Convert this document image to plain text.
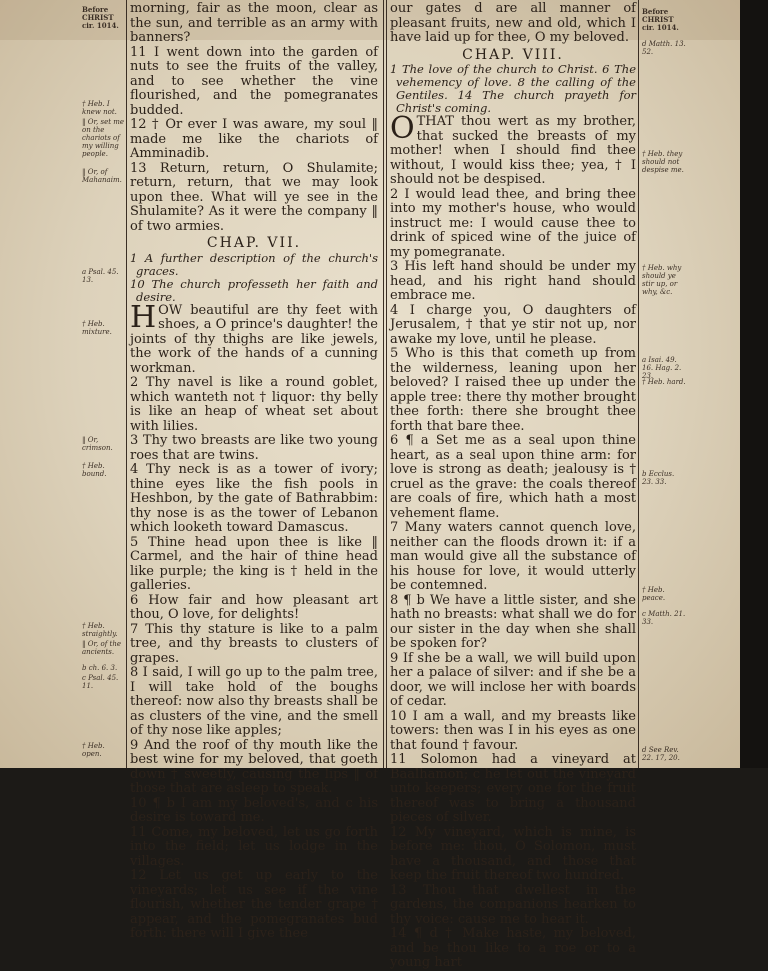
Before CHRIST cir. 1014.
† Heb. I knew not.
‖ Or, set me on the chariots of my willing people.
‖ Or, of Mahanaim.
a Psal. 45. 13.
† Heb. mixture.
‖ Or, crimson.
† Heb. bound.
† Heb. straightly.
‖ Or, of the ancients.
b ch. 6. 3.
c Psal. 45. 11.
† Heb. open.
Before CHRIST cir. 1014.
d Matth. 13. 52.
† Heb. they should not despise me.
† Heb. why should ye stir up, or why, &c.
a Isai. 49. 16. Hag. 2. 23.
† Heb. hard.
b Ecclus. 23. 33.
† Heb. peace.
c Matth. 21. 33.
d See Rev. 22. 17, 20.

morning, fair as the moon, clear as the sun, and terrible as an army with banners?

11 I went down into the garden of nuts to see the fruits of the valley, and to see whether the vine flourished, and the pomegranates budded.

12 † Or ever I was aware, my soul ‖ made me like the chariots of Amminadib.

13 Return, return, O Shulamite; return, return, that we may look upon thee. What will ye see in the Shulamite? As it were the company ‖ of two armies.

CHAP. VII.

1 A further description of the church's graces.

10 The church professeth her faith and desire.

HOW beautiful are thy feet with shoes, a O prince's daughter! the joints of thy thighs are like jewels, the work of the hands of a cunning workman.

2 Thy navel is like a round goblet, which wanteth not † liquor: thy belly is like an heap of wheat set about with lilies.

3 Thy two breasts are like two young roes that are twins.

4 Thy neck is as a tower of ivory; thine eyes like the fish pools in Heshbon, by the gate of Bathrabbim: thy nose is as the tower of Lebanon which looketh toward Damascus.

5 Thine head upon thee is like ‖ Carmel, and the hair of thine head like purple; the king is † held in the galleries.

6 How fair and how pleasant art thou, O love, for delights!

7 This thy stature is like to a palm tree, and thy breasts to clusters of grapes.

8 I said, I will go up to the palm tree, I will take hold of the boughs thereof: now also thy breasts shall be as clusters of the vine, and the smell of thy nose like apples;

9 And the roof of thy mouth like the best wine for my beloved, that goeth down † sweetly, causing the lips ‖ of those that are asleep to speak.

10 ¶ b I am my beloved's, and c his desire is toward me.

11 Come, my beloved, let us go forth into the field; let us lodge in the villages.

12 Let us get up early to the vineyards; let us see if the vine flourish, whether the tender grape † appear, and the pomegranates bud forth: there will I give thee

our gates d are all manner of pleasant fruits, new and old, which I have laid up for thee, O my beloved.

CHAP. VIII.

1 The love of the church to Christ. 6 The vehemency of love. 8 the calling of the Gentiles. 14 The church prayeth for Christ's coming.

OTHAT thou wert as my brother, that sucked the breasts of my mother! when I should find thee without, I would kiss thee; yea, † I should not be despised.

2 I would lead thee, and bring thee into my mother's house, who would instruct me: I would cause thee to drink of spiced wine of the juice of my pomegranate.

3 His left hand should be under my head, and his right hand should embrace me.

4 I charge you, O daughters of Jerusalem, † that ye stir not up, nor awake my love, until he please.

5 Who is this that cometh up from the wilderness, leaning upon her beloved? I raised thee up under the apple tree: there thy mother brought thee forth: there she brought thee forth that bare thee.

6 ¶ a Set me as a seal upon thine heart, as a seal upon thine arm: for love is strong as death; jealousy is † cruel as the grave: the coals thereof are coals of fire, which hath a most vehement flame.

7 Many waters cannot quench love, neither can the floods drown it: if a man would give all the substance of his house for love, it would utterly be contemned.

8 ¶ b We have a little sister, and she hath no breasts: what shall we do for our sister in the day when she shall be spoken for?

9 If she be a wall, we will build upon her a palace of silver: and if she be a door, we will inclose her with boards of cedar.

10 I am a wall, and my breasts like towers: then was I in his eyes as one that found † favour.

11 Solomon had a vineyard at Baalhamon; c he let out the vineyard unto keepers; every one for the fruit thereof was to bring a thousand pieces of silver.

12 My vineyard, which is mine, is before me: thou, O Solomon, must have a thousand, and those that keep the fruit thereof two hundred.

13 Thou that dwellest in the gardens, the companions hearken to thy voice: cause me to hear it.

14 ¶ d † Make haste, my beloved, and be thou like to a roe or to a young hart
